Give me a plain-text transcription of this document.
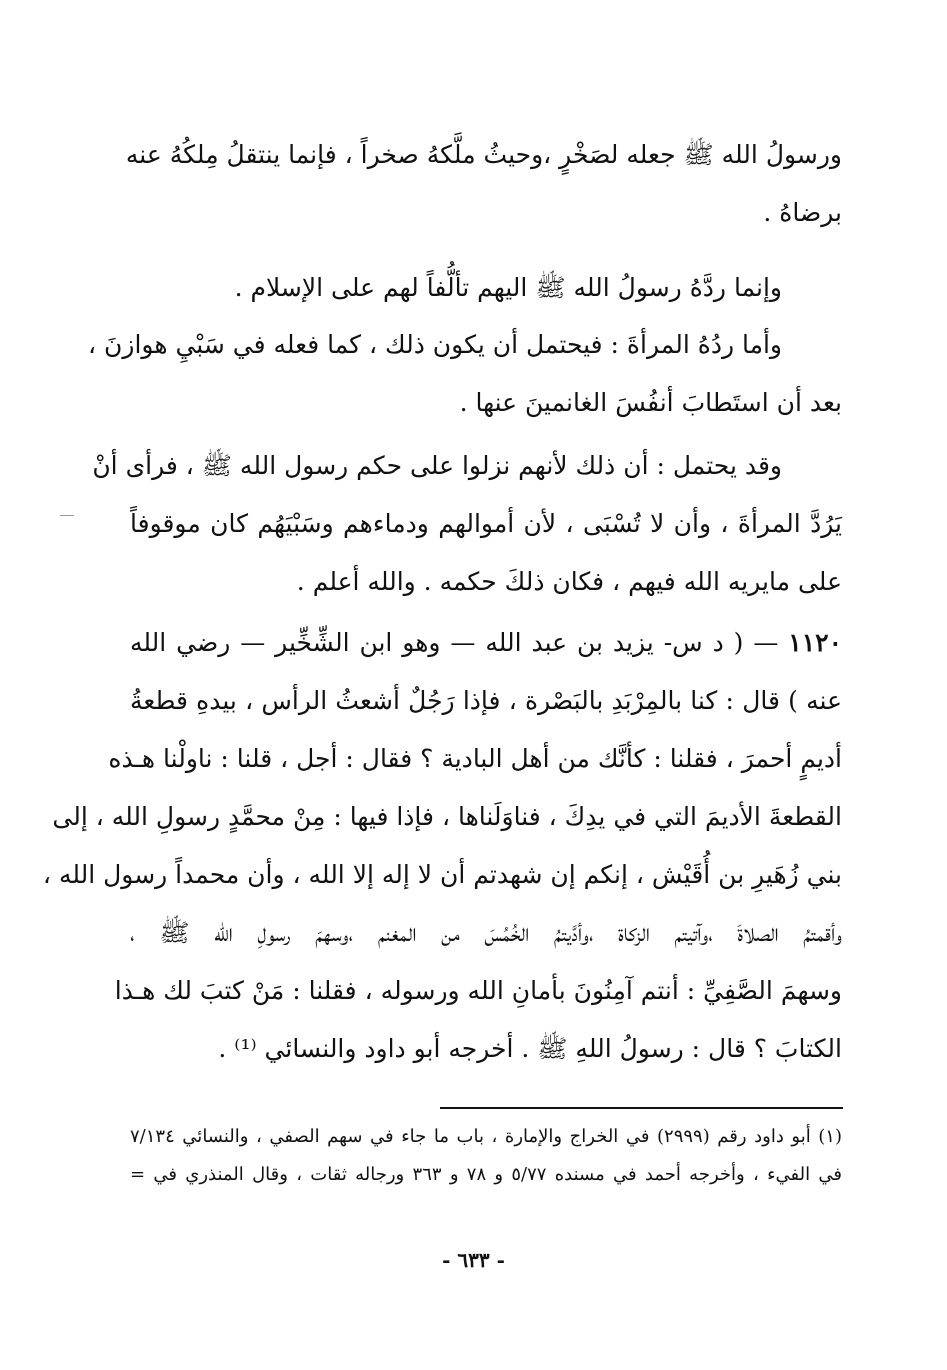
ورسولُ الله ﷺ جعله لصَخْرٍ ،وحيثُ ملَّكهُ صخراً ، فإنما ينتقلُ مِلكُهُ عنه
برضاهُ .
وإنما ردَّهُ رسولُ الله ﷺ اليهم تألُّفاً لهم على الإسلام .
وأما ردُهُ المرأةَ : فيحتمل أن يكون ذلك ، كما فعله في سَبْيِ هوازنَ ،
بعد أن استَطابَ أنفُسَ الغانمينَ عنها .
وقد يحتمل : أن ذلك لأنهم نزلوا على حكم رسول الله ﷺ ، فرأى أنْ
يَرُدَّ المرأةَ ، وأن لا تُسْبَى ، لأن أموالهم ودماءهم وسَبْيَهُم كان موقوفاً
على مايريه الله فيهم ، فكان ذلكَ حكمه . والله أعلم .
١١٢٠ — ( د س- يزيد بن عبد الله — وهو ابن الشِّخِّير — رضي الله
عنه ) قال : كنا بالمِرْبَدِ بالبَصْرة ، فإذا رَجُلٌ أشعثُ الرأس ، بيدهِ قطعةُ
أديمٍ أحمرَ ، فقلنا : كأنَّك من أهل البادية ؟ فقال : أجل ، قلنا : ناولْنا هـذه
القطعةَ الأديمَ التي في يدِكَ ، فناوَلَناها ، فإذا فيها : مِنْ محمَّدٍ رسولِ الله ، إلى
بني زُهَيرِ بن أُقَيْش ، إنكم إن شهدتم أن لا إله إلا الله ، وأن محمداً رسول الله ،
وأقمتمُ الصلاةَ ،وآتيتم الزكاة ،وأدَّيتمُ الخُمُسَ من المغنم ،وسهمَ رسولِ الله ﷺ ،
وسهمَ الصَّفِيِّ : أنتم آمِنُونَ بأمانِ الله ورسوله ، فقلنا : مَنْ كتبَ لك هـذا
الكتابَ ؟ قال : رسولُ اللهِ ﷺ . أخرجه أبو داود والنسائي ⁽¹⁾ .
(١) أبو داود رقم (٢٩٩٩) في الخراج والإمارة ، باب ما جاء في سهم الصفي ، والنسائي ٧/١٣٤
في الفيء ، وأخرجه أحمد في مسنده ٥/٧٧ و ٧٨ و ٣٦٣ ورجاله ثقات ، وقال المنذري في =
- ٦٣٣ -
